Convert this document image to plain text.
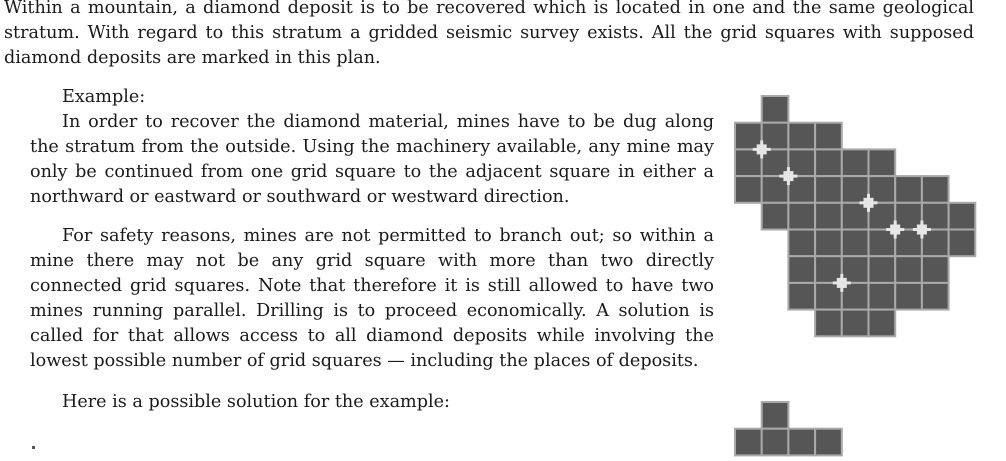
Within a mountain, a diamond deposit is to be recovered which is located in one and the same geological stratum. With regard to this stratum a gridded seismic survey exists. All the grid squares with supposed diamond deposits are marked in this plan.

Example:

In order to recover the diamond material, mines have to be dug along the stratum from the outside. Using the machinery available, any mine may only be continued from one grid square to the adjacent square in either a northward or eastward or southward or westward direction.

For safety reasons, mines are not permitted to branch out; so within a mine there may not be any grid square with more than two directly connected grid squares. Note that therefore it is still allowed to have two mines running parallel. Drilling is to proceed economically. A solution is called for that allows access to all diamond deposits while involving the lowest possible number of grid squares — including the places of deposits.

Here is a possible solution for the example:
